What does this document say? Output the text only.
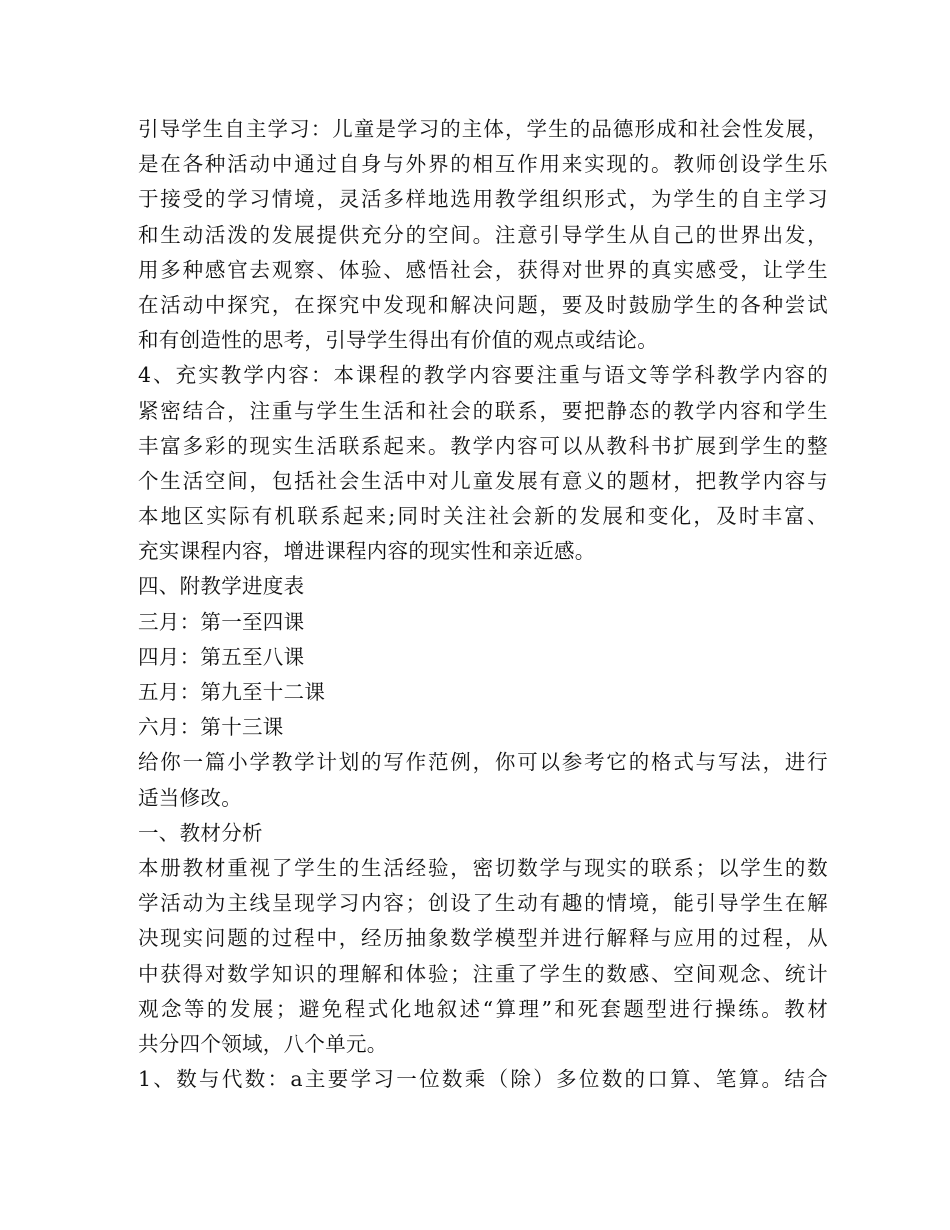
引导学生自主学习：儿童是学习的主体，学生的品德形成和社会性发展，
是在各种活动中通过自身与外界的相互作用来实现的。教师创设学生乐
于接受的学习情境，灵活多样地选用教学组织形式，为学生的自主学习
和生动活泼的发展提供充分的空间。注意引导学生从自己的世界出发，
用多种感官去观察、体验、感悟社会，获得对世界的真实感受，让学生
在活动中探究，在探究中发现和解决问题，要及时鼓励学生的各种尝试
和有创造性的思考，引导学生得出有价值的观点或结论。
4、充实教学内容：本课程的教学内容要注重与语文等学科教学内容的
紧密结合，注重与学生生活和社会的联系，要把静态的教学内容和学生
丰富多彩的现实生活联系起来。教学内容可以从教科书扩展到学生的整
个生活空间，包括社会生活中对儿童发展有意义的题材，把教学内容与
本地区实际有机联系起来;同时关注社会新的发展和变化，及时丰富、
充实课程内容，增进课程内容的现实性和亲近感。
四、附教学进度表
三月：第一至四课
四月：第五至八课
五月：第九至十二课
六月：第十三课
给你一篇小学教学计划的写作范例，你可以参考它的格式与写法，进行
适当修改。
一、教材分析
本册教材重视了学生的生活经验，密切数学与现实的联系；以学生的数
学活动为主线呈现学习内容；创设了生动有趣的情境，能引导学生在解
决现实问题的过程中，经历抽象数学模型并进行解释与应用的过程，从
中获得对数学知识的理解和体验；注重了学生的数感、空间观念、统计
观念等的发展；避免程式化地叙述“算理”和死套题型进行操练。教材
共分四个领域，八个单元。
1、数与代数：a主要学习一位数乘（除）多位数的口算、笔算。结合
